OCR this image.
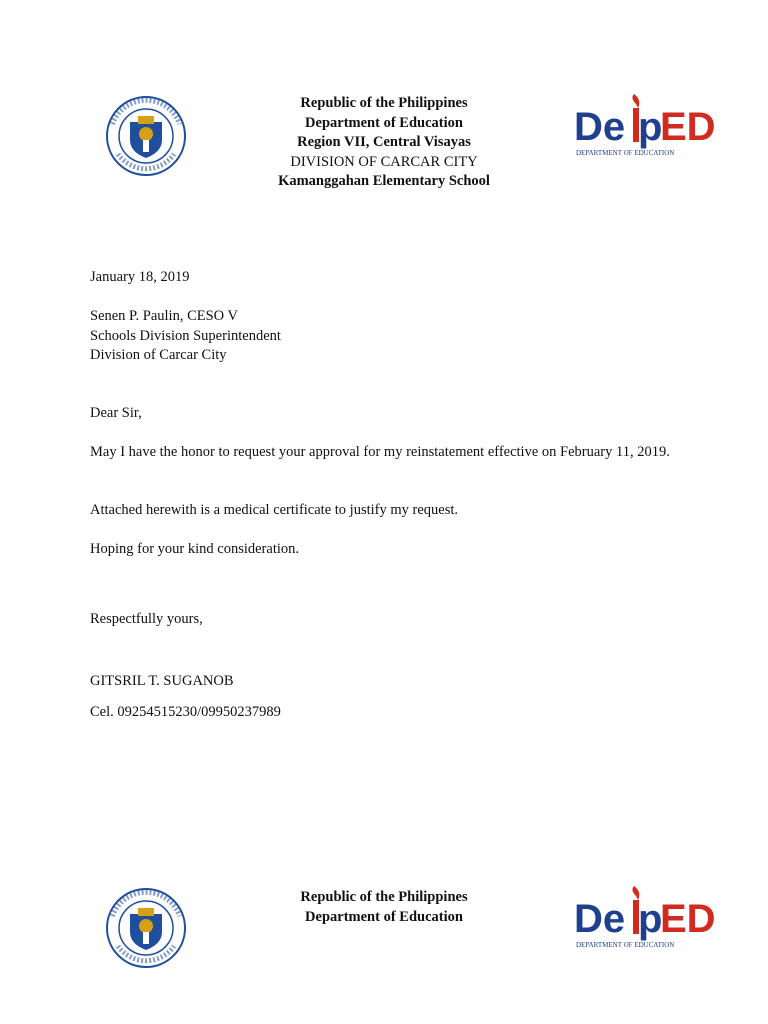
Republic of the Philippines
Department of Education
Region VII, Central Visayas
DIVISION OF CARCAR CITY
Kamanggahan Elementary School
De p
ED
DEPARTMENT OF EDUCATION
January 18, 2019
Senen P. Paulin, CESO V
Schools Division Superintendent
Division of Carcar City
Dear Sir,
May I have the honor to request your approval for my reinstatement effective on February 11, 2019.
Attached herewith is a medical certificate to justify my request.
Hoping for your kind consideration.
Respectfully yours,
GITSRIL T. SUGANOB
Cel. 09254515230/09950237989
Republic of the Philippines
Department of Education	De p
ED
DEPARTMENT OF EDUCATION
